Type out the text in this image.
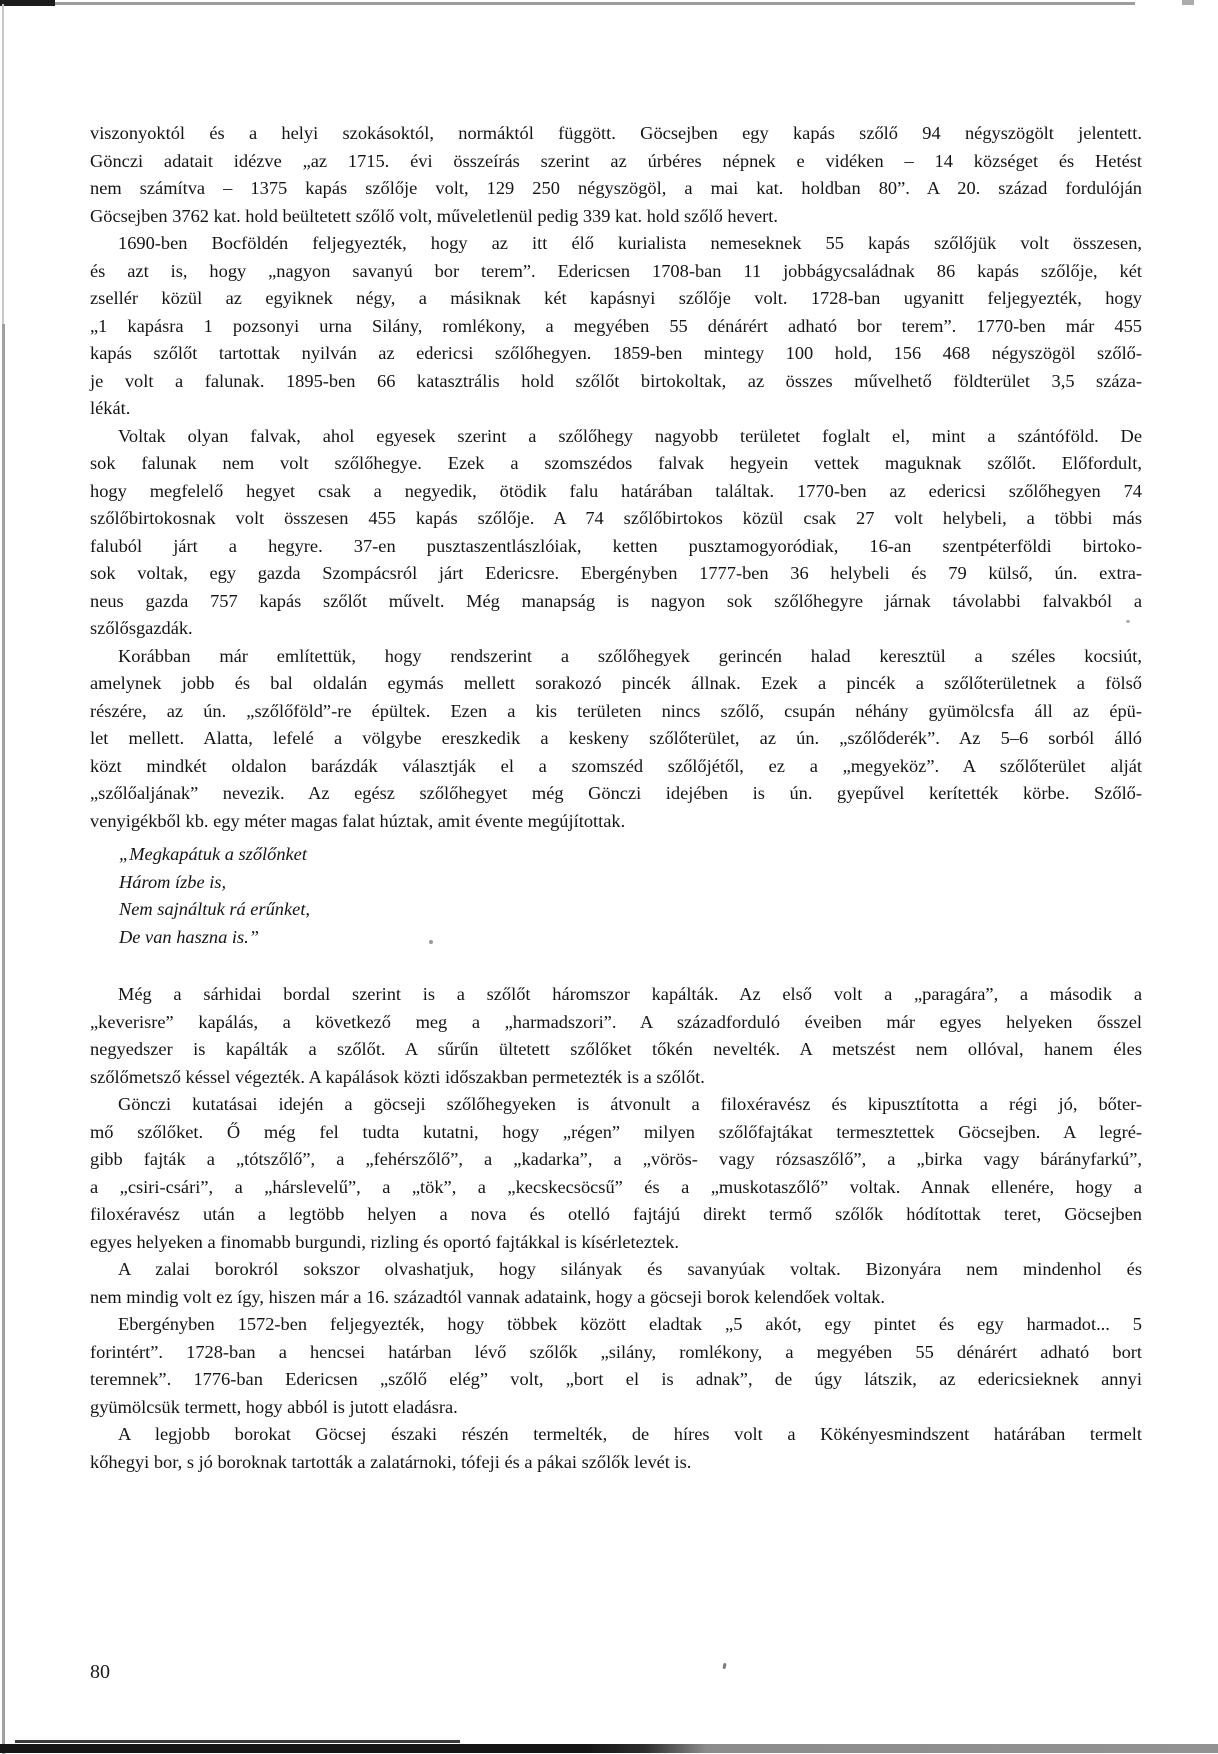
viszonyoktól és a helyi szokásoktól, normáktól függött. Göcsejben egy kapás szőlő 94 négyszögölt jelentett.
Gönczi adatait idézve „az 1715. évi összeírás szerint az úrbéres népnek e vidéken – 14 községet és Hetést
nem számítva – 1375 kapás szőlője volt, 129 250 négyszögöl, a mai kat. holdban 80”. A 20. század fordulóján
Göcsejben 3762 kat. hold beültetett szőlő volt, műveletlenül pedig 339 kat. hold szőlő hevert.
1690-ben Bocföldén feljegyezték, hogy az itt élő kurialista nemeseknek 55 kapás szőlőjük volt összesen,
és azt is, hogy „nagyon savanyú bor terem”. Edericsen 1708-ban 11 jobbágycsaládnak 86 kapás szőlője, két
zsellér közül az egyiknek négy, a másiknak két kapásnyi szőlője volt. 1728-ban ugyanitt feljegyezték, hogy
„1 kapásra 1 pozsonyi urna Silány, romlékony, a megyében 55 dénárért adható bor terem”. 1770-ben már 455
kapás szőlőt tartottak nyilván az edericsi szőlőhegyen. 1859-ben mintegy 100 hold, 156 468 négyszögöl szőlő-
je volt a falunak. 1895-ben 66 katasztrális hold szőlőt birtokoltak, az összes művelhető földterület 3,5 száza-
lékát.
Voltak olyan falvak, ahol egyesek szerint a szőlőhegy nagyobb területet foglalt el, mint a szántóföld. De
sok falunak nem volt szőlőhegye. Ezek a szomszédos falvak hegyein vettek maguknak szőlőt. Előfordult,
hogy megfelelő hegyet csak a negyedik, ötödik falu határában találtak. 1770-ben az edericsi szőlőhegyen 74
szőlőbirtokosnak volt összesen 455 kapás szőlője. A 74 szőlőbirtokos közül csak 27 volt helybeli, a többi más
faluból járt a hegyre. 37-en pusztaszentlászlóiak, ketten pusztamogyoródiak, 16-an szentpéterföldi birtoko-
sok voltak, egy gazda Szompácsról járt Edericsre. Ebergényben 1777-ben 36 helybeli és 79 külső, ún. extra-
neus gazda 757 kapás szőlőt művelt. Még manapság is nagyon sok szőlőhegyre járnak távolabbi falvakból a
szőlősgazdák.
Korábban már említettük, hogy rendszerint a szőlőhegyek gerincén halad keresztül a széles kocsiút,
amelynek jobb és bal oldalán egymás mellett sorakozó pincék állnak. Ezek a pincék a szőlőterületnek a fölső
részére, az ún. „szőlőföld”-re épültek. Ezen a kis területen nincs szőlő, csupán néhány gyümölcsfa áll az épü-
let mellett. Alatta, lefelé a völgybe ereszkedik a keskeny szőlőterület, az ún. „szőlőderék”. Az 5–6 sorból álló
közt mindkét oldalon barázdák választják el a szomszéd szőlőjétől, ez a „megyeköz”. A szőlőterület alját
„szőlőaljának” nevezik. Az egész szőlőhegyet még Gönczi idejében is ún. gyepűvel kerítették körbe. Szőlő-
venyigékből kb. egy méter magas falat húztak, amit évente megújítottak.
„Megkapátuk a szőlőnket
Három ízbe is,
Nem sajnáltuk rá erűnket,
De van haszna is.”
Még a sárhidai bordal szerint is a szőlőt háromszor kapálták. Az első volt a „paragára”, a második a
„keverisre” kapálás, a következő meg a „harmadszori”. A századforduló éveiben már egyes helyeken ősszel
negyedszer is kapálták a szőlőt. A sűrűn ültetett szőlőket tőkén nevelték. A metszést nem ollóval, hanem éles
szőlőmetsző késsel végezték. A kapálások közti időszakban permetezték is a szőlőt.
Gönczi kutatásai idején a göcseji szőlőhegyeken is átvonult a filoxéravész és kipusztította a régi jó, bőter-
mő szőlőket. Ő még fel tudta kutatni, hogy „régen” milyen szőlőfajtákat termesztettek Göcsejben. A legré-
gibb fajták a „tótszőlő”, a „fehérszőlő”, a „kadarka”, a „vörös- vagy rózsaszőlő”, a „birka vagy bárányfarkú”,
a „csiri-csári”, a „hárslevelű”, a „tök”, a „kecskecsöcsű” és a „muskotaszőlő” voltak. Annak ellenére, hogy a
filoxéravész után a legtöbb helyen a nova és otelló fajtájú direkt termő szőlők hódítottak teret, Göcsejben
egyes helyeken a finomabb burgundi, rizling és oportó fajtákkal is kísérleteztek.
A zalai borokról sokszor olvashatjuk, hogy silányak és savanyúak voltak. Bizonyára nem mindenhol és
nem mindig volt ez így, hiszen már a 16. századtól vannak adataink, hogy a göcseji borok kelendőek voltak.
Ebergényben 1572-ben feljegyezték, hogy többek között eladtak „5 akót, egy pintet és egy harmadot... 5
forintért”. 1728-ban a hencsei határban lévő szőlők „silány, romlékony, a megyében 55 dénárért adható bort
teremnek”. 1776-ban Edericsen „szőlő elég” volt, „bort el is adnak”, de úgy látszik, az edericsieknek annyi
gyümölcsük termett, hogy abból is jutott eladásra.
A legjobb borokat Göcsej északi részén termelték, de híres volt a Kökényesmindszent határában termelt
kőhegyi bor, s jó boroknak tartották a zalatárnoki, tófeji és a pákai szőlők levét is.
80
